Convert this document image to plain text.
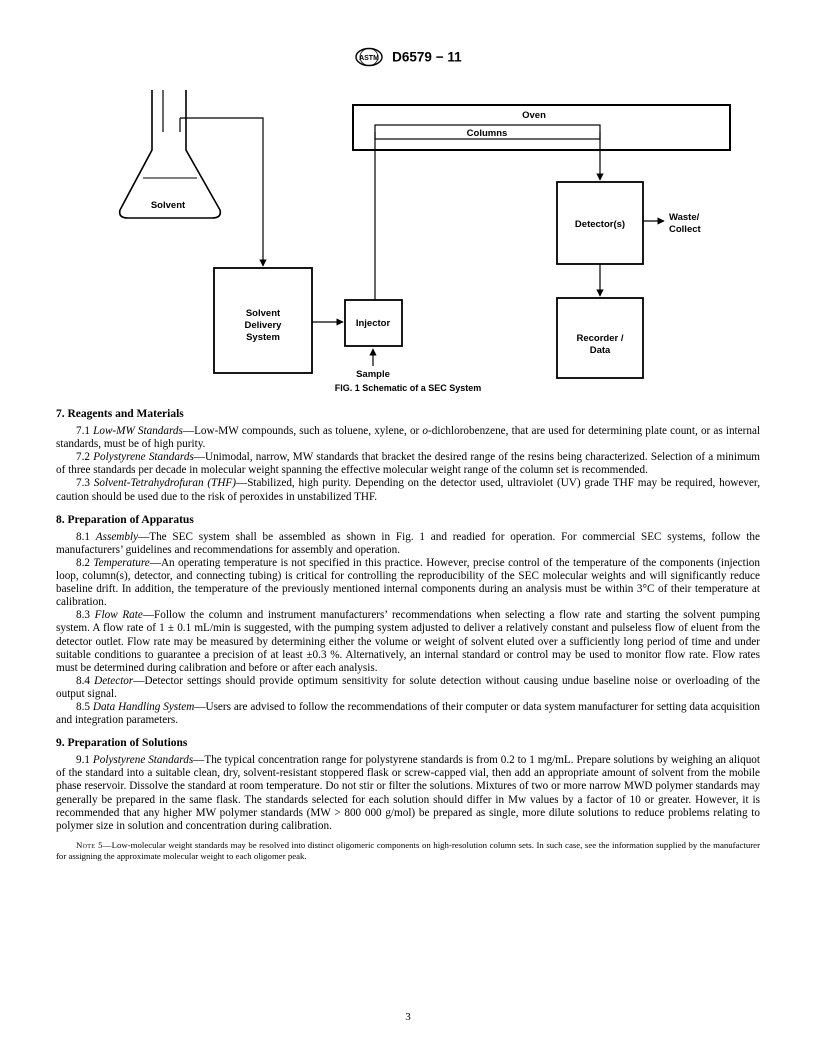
ASTM D6579 − 11
Solvent
Oven
Columns
Detector(s)
Waste/
Collect
Recorder /
Data
Solvent
Delivery
System
Injector
Sample
FIG. 1 Schematic of a SEC System
7. Reagents and Materials

7.1 Low-MW Standards—Low-MW compounds, such as toluene, xylene, or o-dichlorobenzene, that are used for determining plate count, or as internal standards, must be of high purity.

7.2 Polystyrene Standards—Unimodal, narrow, MW standards that bracket the desired range of the resins being characterized. Selection of a minimum of three standards per decade in molecular weight spanning the effective molecular weight range of the column set is recommended.

7.3 Solvent-Tetrahydrofuran (THF)—Stabilized, high purity. Depending on the detector used, ultraviolet (UV) grade THF may be required, however, caution should be used due to the risk of peroxides in unstabilized THF.

8. Preparation of Apparatus

8.1 Assembly—The SEC system shall be assembled as shown in Fig. 1 and readied for operation. For commercial SEC systems, follow the manufacturers’ guidelines and recommendations for assembly and operation.

8.2 Temperature—An operating temperature is not specified in this practice. However, precise control of the temperature of the components (injection loop, column(s), detector, and connecting tubing) is critical for controlling the reproducibility of the SEC molecular weights and will significantly reduce baseline drift. In addition, the temperature of the previously mentioned internal components during an analysis must be within 3°C of their temperature at calibration.

8.3 Flow Rate—Follow the column and instrument manufacturers’ recommendations when selecting a flow rate and starting the solvent pumping system. A flow rate of 1 ± 0.1 mL/min is suggested, with the pumping system adjusted to deliver a relatively constant and pulseless flow of eluent from the detector outlet. Flow rate may be measured by determining either the volume or weight of solvent eluted over a sufficiently long period of time and under suitable conditions to guarantee a precision of at least ±0.3 %. Alternatively, an internal standard or control may be used to monitor flow rate. Flow rates must be determined during calibration and before or after each analysis.

8.4 Detector—Detector settings should provide optimum sensitivity for solute detection without causing undue baseline noise or overloading of the output signal.

8.5 Data Handling System—Users are advised to follow the recommendations of their computer or data system manufacturer for setting data acquisition and integration parameters.

9. Preparation of Solutions

9.1 Polystyrene Standards—The typical concentration range for polystyrene standards is from 0.2 to 1 mg/mL. Prepare solutions by weighing an aliquot of the standard into a suitable clean, dry, solvent-resistant stoppered flask or screw-capped vial, then add an appropriate amount of solvent from the mobile phase reservoir. Dissolve the standard at room temperature. Do not stir or filter the solutions. Mixtures of two or more narrow MWD polymer standards may generally be prepared in the same flask. The standards selected for each solution should differ in Mw values by a factor of 10 or greater. However, it is recommended that any higher MW polymer standards (MW > 800 000 g/mol) be prepared as single, more dilute solutions to reduce problems relating to polymer size in solution and concentration during calibration.

Note 5—Low-molecular weight standards may be resolved into distinct oligomeric components on high-resolution column sets. In such case, see the information supplied by the manufacturer for assigning the approximate molecular weight to each oligomer peak.
3
